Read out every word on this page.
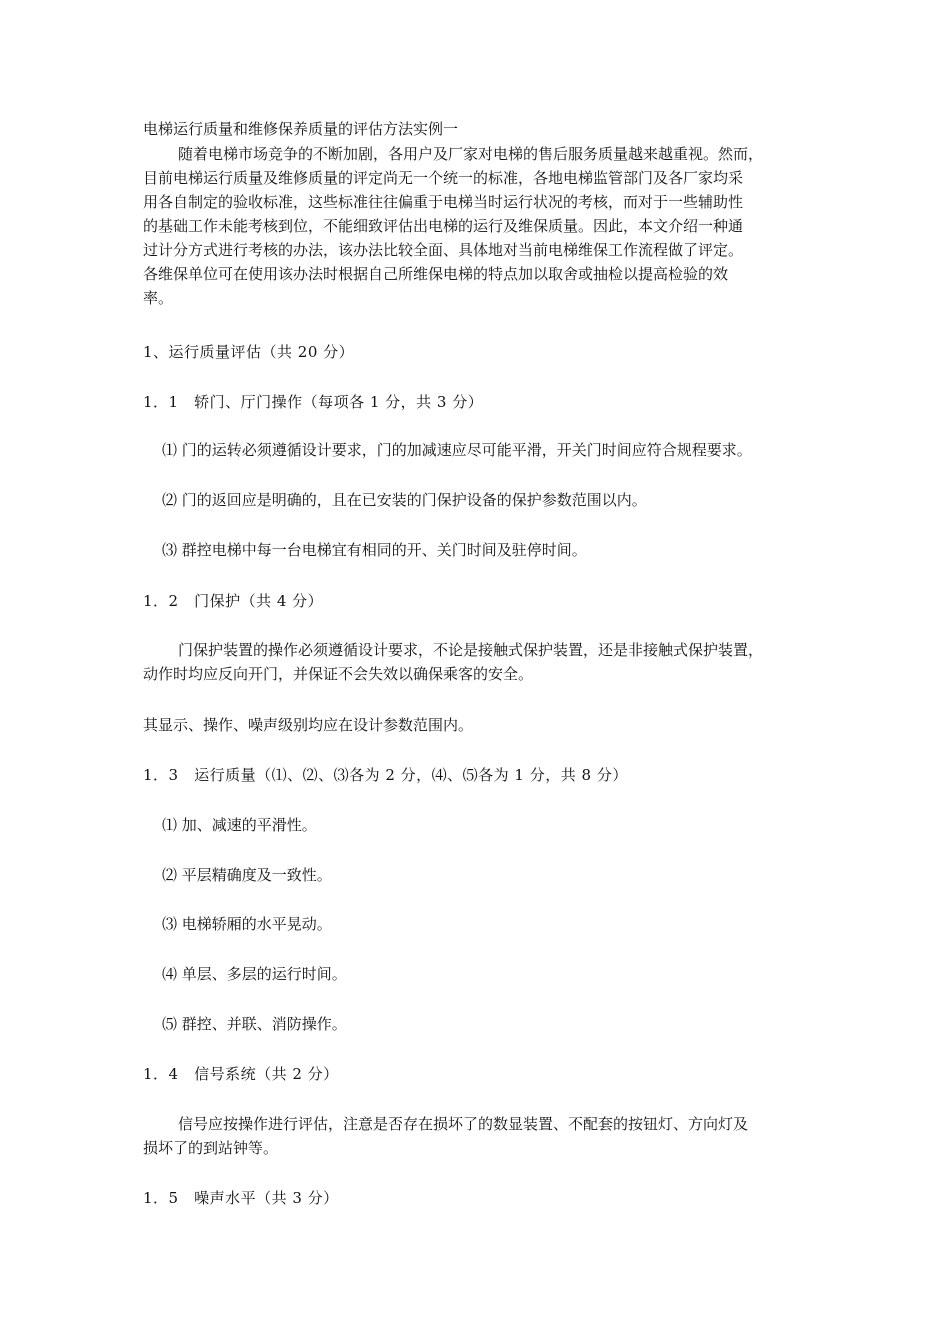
电梯运行质量和维修保养质量的评估方法实例一

随着电梯市场竞争的不断加剧，各用户及厂家对电梯的售后服务质量越来越重视。然而，

目前电梯运行质量及维修质量的评定尚无一个统一的标准，各地电梯监管部门及各厂家均采

用各自制定的验收标准，这些标准往往偏重于电梯当时运行状况的考核，而对于一些辅助性

的基础工作未能考核到位，不能细致评估出电梯的运行及维保质量。因此，本文介绍一种通

过计分方式进行考核的办法，该办法比较全面、具体地对当前电梯维保工作流程做了评定。

各维保单位可在使用该办法时根据自己所维保电梯的特点加以取舍或抽检以提高检验的效

率。

1、运行质量评估（共 20 分）

1．1　轿门、厅门操作（每项各 1 分，共 3 分）

⑴ 门的运转必须遵循设计要求，门的加减速应尽可能平滑，开关门时间应符合规程要求。

⑵ 门的返回应是明确的，且在已安装的门保护设备的保护参数范围以内。

⑶ 群控电梯中每一台电梯宜有相同的开、关门时间及驻停时间。

1．2　门保护（共 4 分）

门保护装置的操作必须遵循设计要求，不论是接触式保护装置，还是非接触式保护装置，

动作时均应反向开门，并保证不会失效以确保乘客的安全。

其显示、操作、噪声级别均应在设计参数范围内。

1．3　运行质量（⑴、⑵、⑶各为 2 分，⑷、⑸各为 1 分，共 8 分）

⑴ 加、减速的平滑性。

⑵ 平层精确度及一致性。

⑶ 电梯轿厢的水平晃动。

⑷ 单层、多层的运行时间。

⑸ 群控、并联、消防操作。

1．4　信号系统（共 2 分）

信号应按操作进行评估，注意是否存在损坏了的数显装置、不配套的按钮灯、方向灯及

损坏了的到站钟等。

1．5　噪声水平（共 3 分）
